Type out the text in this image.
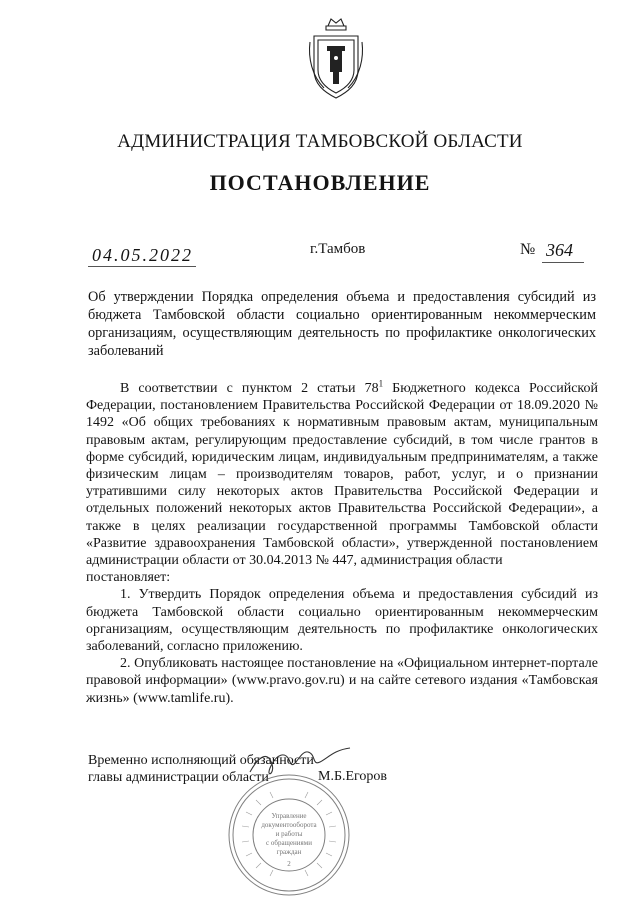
АДМИНИСТРАЦИЯ ТАМБОВСКОЙ ОБЛАСТИ
ПОСТАНОВЛЕНИЕ
04.05.2022	г.Тамбов	№ 364
Об утверждении Порядка определения объема и предоставления субсидий из бюджета Тамбовской области социально ориентированным некоммерческим организациям, осуществляющим деятельность по профилактике онкологических заболеваний

В соответствии с пунктом 2 статьи $78^1$ Бюджетного кодекса Российской Федерации, постановлением Правительства Российской Федерации от 18.09.2020 № 1492 «Об общих требованиях к нормативным правовым актам, муниципальным правовым актам, регулирующим предоставление субсидий, в том числе грантов в форме субсидий, юридическим лицам, индивидуальным предпринимателям, а также физическим лицам – производителям товаров, работ, услуг, и о признании утратившими силу некоторых актов Правительства Российской Федерации и отдельных положений некоторых актов Правительства Российской Федерации», а также в целях реализации государственной программы Тамбовской области «Развитие здравоохранения Тамбовской области», утвержденной постановлением администрации области от 30.04.2013 № 447, администрация области

постановляет:

1. Утвердить Порядок определения объема и предоставления субсидий из бюджета Тамбовской области социально ориентированным некоммерческим организациям, осуществляющим деятельность по профилактике онкологических заболеваний, согласно приложению.

2. Опубликовать настоящее постановление на «Официальном интернет-портале правовой информации» (www.pravo.gov.ru) и на сайте сетевого издания «Тамбовская жизнь» (www.tamlife.ru).

Временно исполняющий обязанности
главы администрации области	М.Б.Егоров
Управление
документооборота
и работы
с обращениями
граждан
2
